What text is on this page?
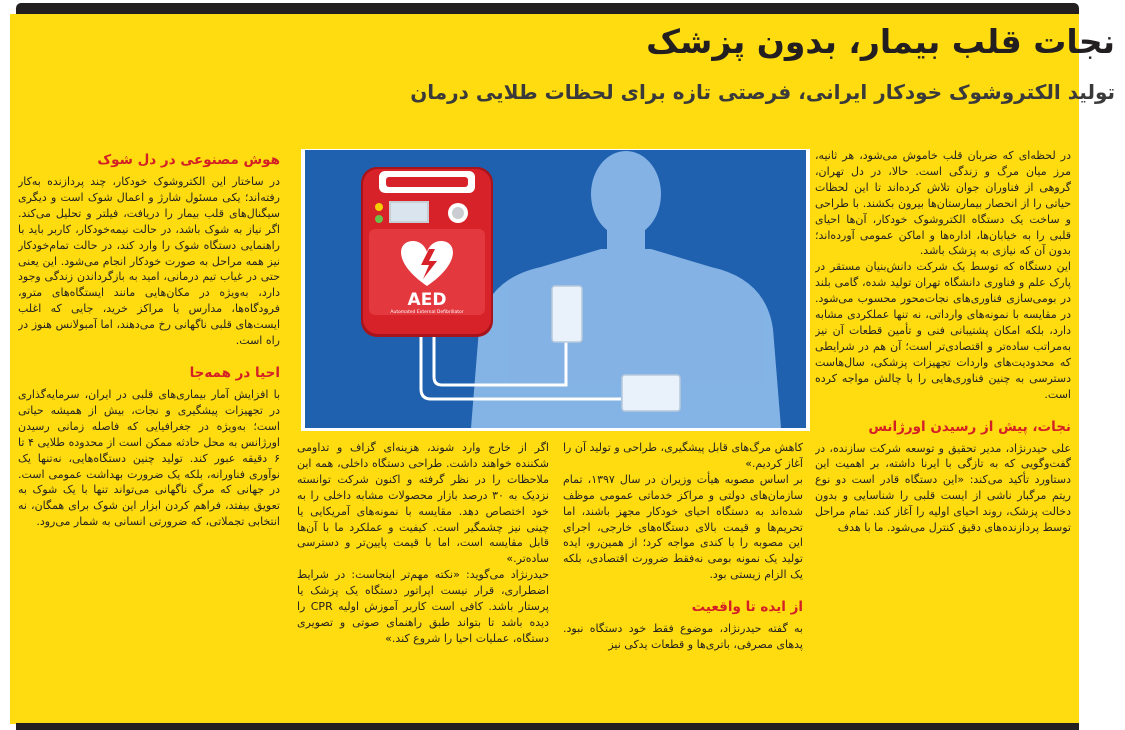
نجات قلب بیمار، بدون پزشک
تولید الکتروشوک خودکار ایرانی، فرصتی تازه برای لحظات طلایی درمان

در لحظه‌ای که ضربان قلب خاموش می‌شود، هر ثانیه، مرز میان مرگ و زندگی است. حالا، در دل تهران، گروهی از فناوران جوان تلاش کرده‌اند تا این لحظات حیاتی را از انحصار بیمارستان‌ها بیرون بکشند. با طراحی و ساخت یک دستگاه الکتروشوک خودکار، آن‌ها احیای قلبی را به خیابان‌ها، اداره‌ها و اماکن عمومی آورده‌اند؛ بدون آن که نیازی به پزشک باشد.

این دستگاه که توسط یک شرکت دانش‌بنیان مستقر در پارک علم و فناوری دانشگاه تهران تولید شده، گامی بلند در بومی‌سازی فناوری‌های نجات‌محور محسوب می‌شود. در مقایسه با نمونه‌های وارداتی، نه تنها عملکردی مشابه دارد، بلکه امکان پشتیبانی فنی و تأمین قطعات آن نیز به‌مراتب ساده‌تر و اقتصادی‌تر است؛ آن هم در شرایطی که محدودیت‌های واردات تجهیزات پزشکی، سال‌هاست دسترسی به چنین فناوری‌هایی را با چالش مواجه کرده است.

نجات، پیش از رسیدن اورژانس

علی حیدرنژاد، مدیر تحقیق و توسعه شرکت سازنده، در گفت‌وگویی که به تازگی با ایرنا داشته، بر اهمیت این دستاورد تأکید می‌کند: «این دستگاه قادر است دو نوع ریتم مرگبار ناشی از ایست قلبی را شناسایی و بدون دخالت پزشک، روند احیای اولیه را آغاز کند. تمام مراحل توسط پردازنده‌های دقیق کنترل می‌شود. ما با هدف

AED
Automated External Defibrillator

کاهش مرگ‌های قابل پیشگیری، طراحی و تولید آن را آغاز کردیم.»

بر اساس مصوبه هیأت وزیران در سال ۱۳۹۷، تمام سازمان‌های دولتی و مراکز خدماتی عمومی موظف شده‌اند به دستگاه احیای خودکار مجهز باشند، اما تحریم‌ها و قیمت بالای دستگاه‌های خارجی، اجرای این مصوبه را با کندی مواجه کرد؛ از همین‌رو، ایده تولید یک نمونه بومی نه‌فقط ضرورت اقتصادی، بلکه یک الزام زیستی بود.

از ایده تا واقعیت

به گفته حیدرنژاد، موضوع فقط خود دستگاه نبود. پدهای مصرفی، باتری‌ها و قطعات یدکی نیز

اگر از خارج وارد شوند، هزینه‌ای گزاف و تداومی شکننده خواهند داشت. طراحی دستگاه داخلی، همه این ملاحظات را در نظر گرفته و اکنون شرکت توانسته نزدیک به ۳۰ درصد بازار محصولات مشابه داخلی را به خود اختصاص دهد. مقایسه با نمونه‌های آمریکایی یا چینی نیز چشمگیر است. کیفیت و عملکرد ما با آن‌ها قابل مقایسه است، اما با قیمت پایین‌تر و دسترسی ساده‌تر.»

حیدرنژاد می‌گوید: «نکته مهم‌تر اینجاست: در شرایط اضطراری، قرار نیست اپراتور دستگاه یک پزشک یا پرستار باشد. کافی است کاربر آموزش اولیه CPR را دیده باشد تا بتواند طبق راهنمای صوتی و تصویری دستگاه، عملیات احیا را شروع کند.»

هوش مصنوعی در دل شوک

در ساختار این الکتروشوک خودکار، چند پردازنده به‌کار رفته‌اند؛ یکی مسئول شارژ و اعمال شوک است و دیگری سیگنال‌های قلب بیمار را دریافت، فیلتر و تحلیل می‌کند. اگر نیاز به شوک باشد، در حالت نیمه‌خودکار، کاربر باید با راهنمایی دستگاه شوک را وارد کند، در حالت تمام‌خودکار نیز همه مراحل به صورت خودکار انجام می‌شود. این یعنی حتی در غیاب تیم درمانی، امید به بازگرداندن زندگی وجود دارد، به‌ویژه در مکان‌هایی مانند ایستگاه‌های مترو، فرودگاه‌ها، مدارس یا مراکز خرید، جایی که اغلب ایست‌های قلبی ناگهانی رخ می‌دهند، اما آمبولانس هنوز در راه است.

احیا در همه‌جا

با افزایش آمار بیماری‌های قلبی در ایران، سرمایه‌گذاری در تجهیزات پیشگیری و نجات، بیش از همیشه حیاتی است؛ به‌ویژه در جغرافیایی که فاصله زمانی رسیدن اورژانس به محل حادثه ممکن است از محدوده طلایی ۴ تا ۶ دقیقه عبور کند. تولید چنین دستگاه‌هایی، نه‌تنها یک نوآوری فناورانه، بلکه یک ضرورت بهداشت عمومی است. در جهانی که مرگ ناگهانی می‌تواند تنها با یک شوک به تعویق بیفتد، فراهم کردن ابزار این شوک برای همگان، نه انتخابی تجملاتی، که ضرورتی انسانی به شمار می‌رود.
